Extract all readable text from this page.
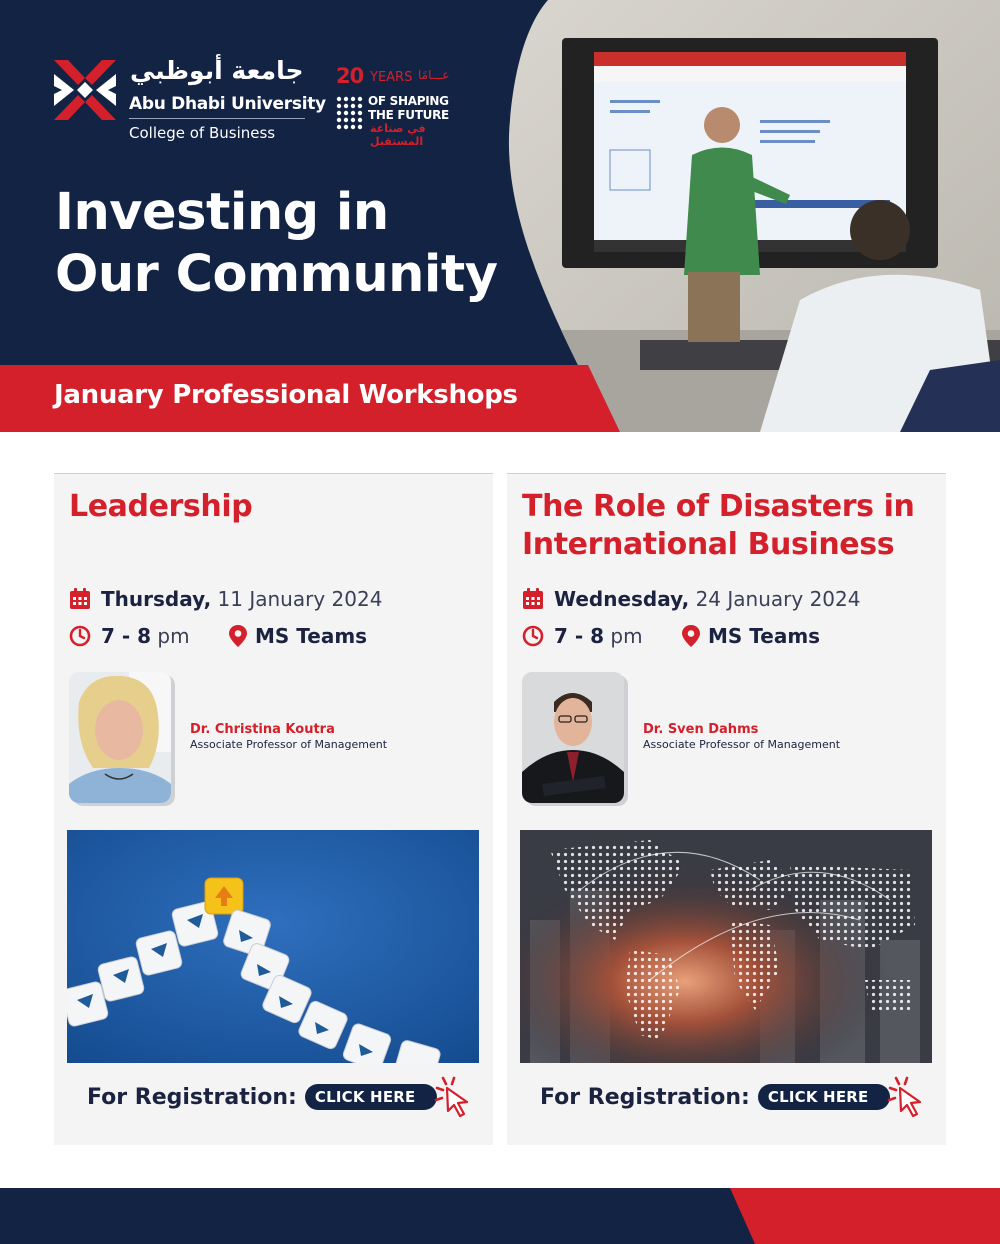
January Professional Workshops
جامعة أبوظبي
Abu Dhabi University
College of Business
20 YEARS عـــامًا
OF SHAPING
THE FUTURE
في صناعة المستقبل
Investing in
Our Community
Leadership
Thursday,
11 January 2024
7 - 8
pm	MS Teams
Dr. Christina Koutra
Associate Professor of Management
For Registration:	CLICK HERE
The Role of Disasters in International Business
Wednesday,
24 January 2024
7 - 8
pm	MS Teams
Dr. Sven Dahms
Associate Professor of Management
For Registration:	CLICK HERE
